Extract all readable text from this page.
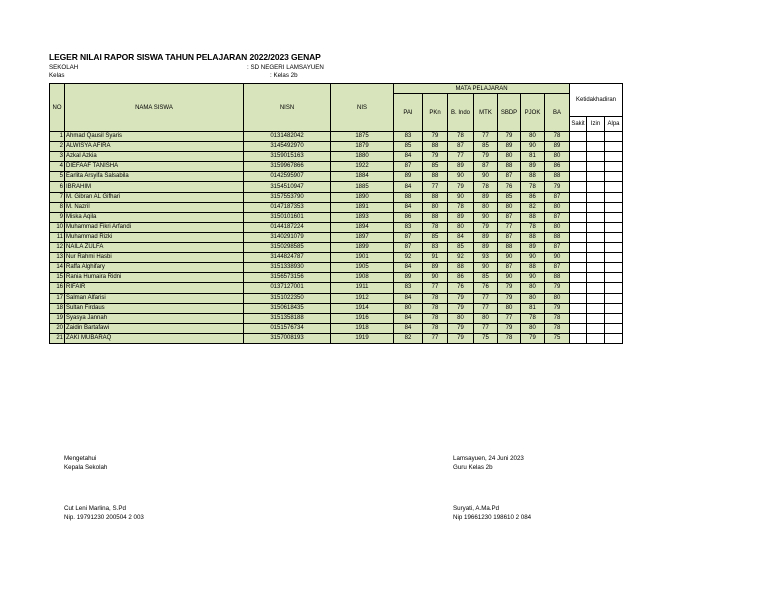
LEGER NILAI RAPOR SISWA TAHUN PELAJARAN 2022/2023 GENAP
SEKOLAH	: SD NEGERI LAMSAYUEN
Kelas	: Kelas 2b
NO	NAMA SISWA	NISN	NIS	MATA PELAJARAN							Ketidakhadiran		
				PAI	PKn	B. Indo	MTK	SBDP	PJOK	BA			
											Sakit	Izin	Alpa
1	Ahmad Qausil Syaris	0131482042	1875	83	79	78	77	79	80	78			
2	ALWISYA AFIRA	3145492970	1879	85	88	87	85	89	90	89			
3	Azkal Azkia	3159015163	1880	84	79	77	79	80	81	80			
4	DIEFAAF TANISHA	3159967866	1922	87	85	89	87	88	89	86			
5	Earlita Arsyifa Salsabila	0142595907	1884	89	88	90	90	87	88	88			
6	IBRAHIM	3154510947	1885	84	77	79	78	76	78	79			
7	M. Gibran AL Gifhari	3157553790	1890	88	88	90	89	85	86	87			
8	M. Nazril	0147187353	1891	84	80	78	80	80	82	80			
9	Miska Aqila	3150101601	1893	86	88	89	90	87	88	87			
10	Muhammad Fikri Arfandi	0144187224	1894	83	78	80	79	77	78	80			
11	Muhammad Rizki	3140291079	1897	87	85	84	89	87	88	88			
12	NAILA ZULFA	3150298585	1899	87	83	85	89	88	89	87			
13	Nur Rahmi Hasbi	3144824787	1901	92	91	92	93	90	90	90			
14	Raffa Alghifary	3151338930	1905	84	89	88	90	87	88	87			
15	Rania Humaira Ridni	3156573156	1908	89	90	86	85	90	90	88			
16	RIFAIR	0137127001	1911	83	77	76	76	79	80	79			
17	Salman Alfarisi	3151022350	1912	84	78	79	77	79	80	80			
18	Sultan Firdaus	3150618435	1914	80	78	79	77	80	81	79			
19	Syasya Jannah	3151358188	1916	84	78	80	80	77	78	78			
20	Zaidin Bartafawi	0151576734	1918	84	78	79	77	79	80	78			
21	ZAKI MUBARAQ	3157008193	1919	82	77	79	75	78	79	75			
Mengetahui
Kepala Sekolah
Cut Leni Marlina, S.Pd
Nip. 19791230 200504 2 003
Lamsayuen, 24 Juni 2023
Guru Kelas 2b
Suryati, A.Ma.Pd
Nip 19661230 198610 2 084
